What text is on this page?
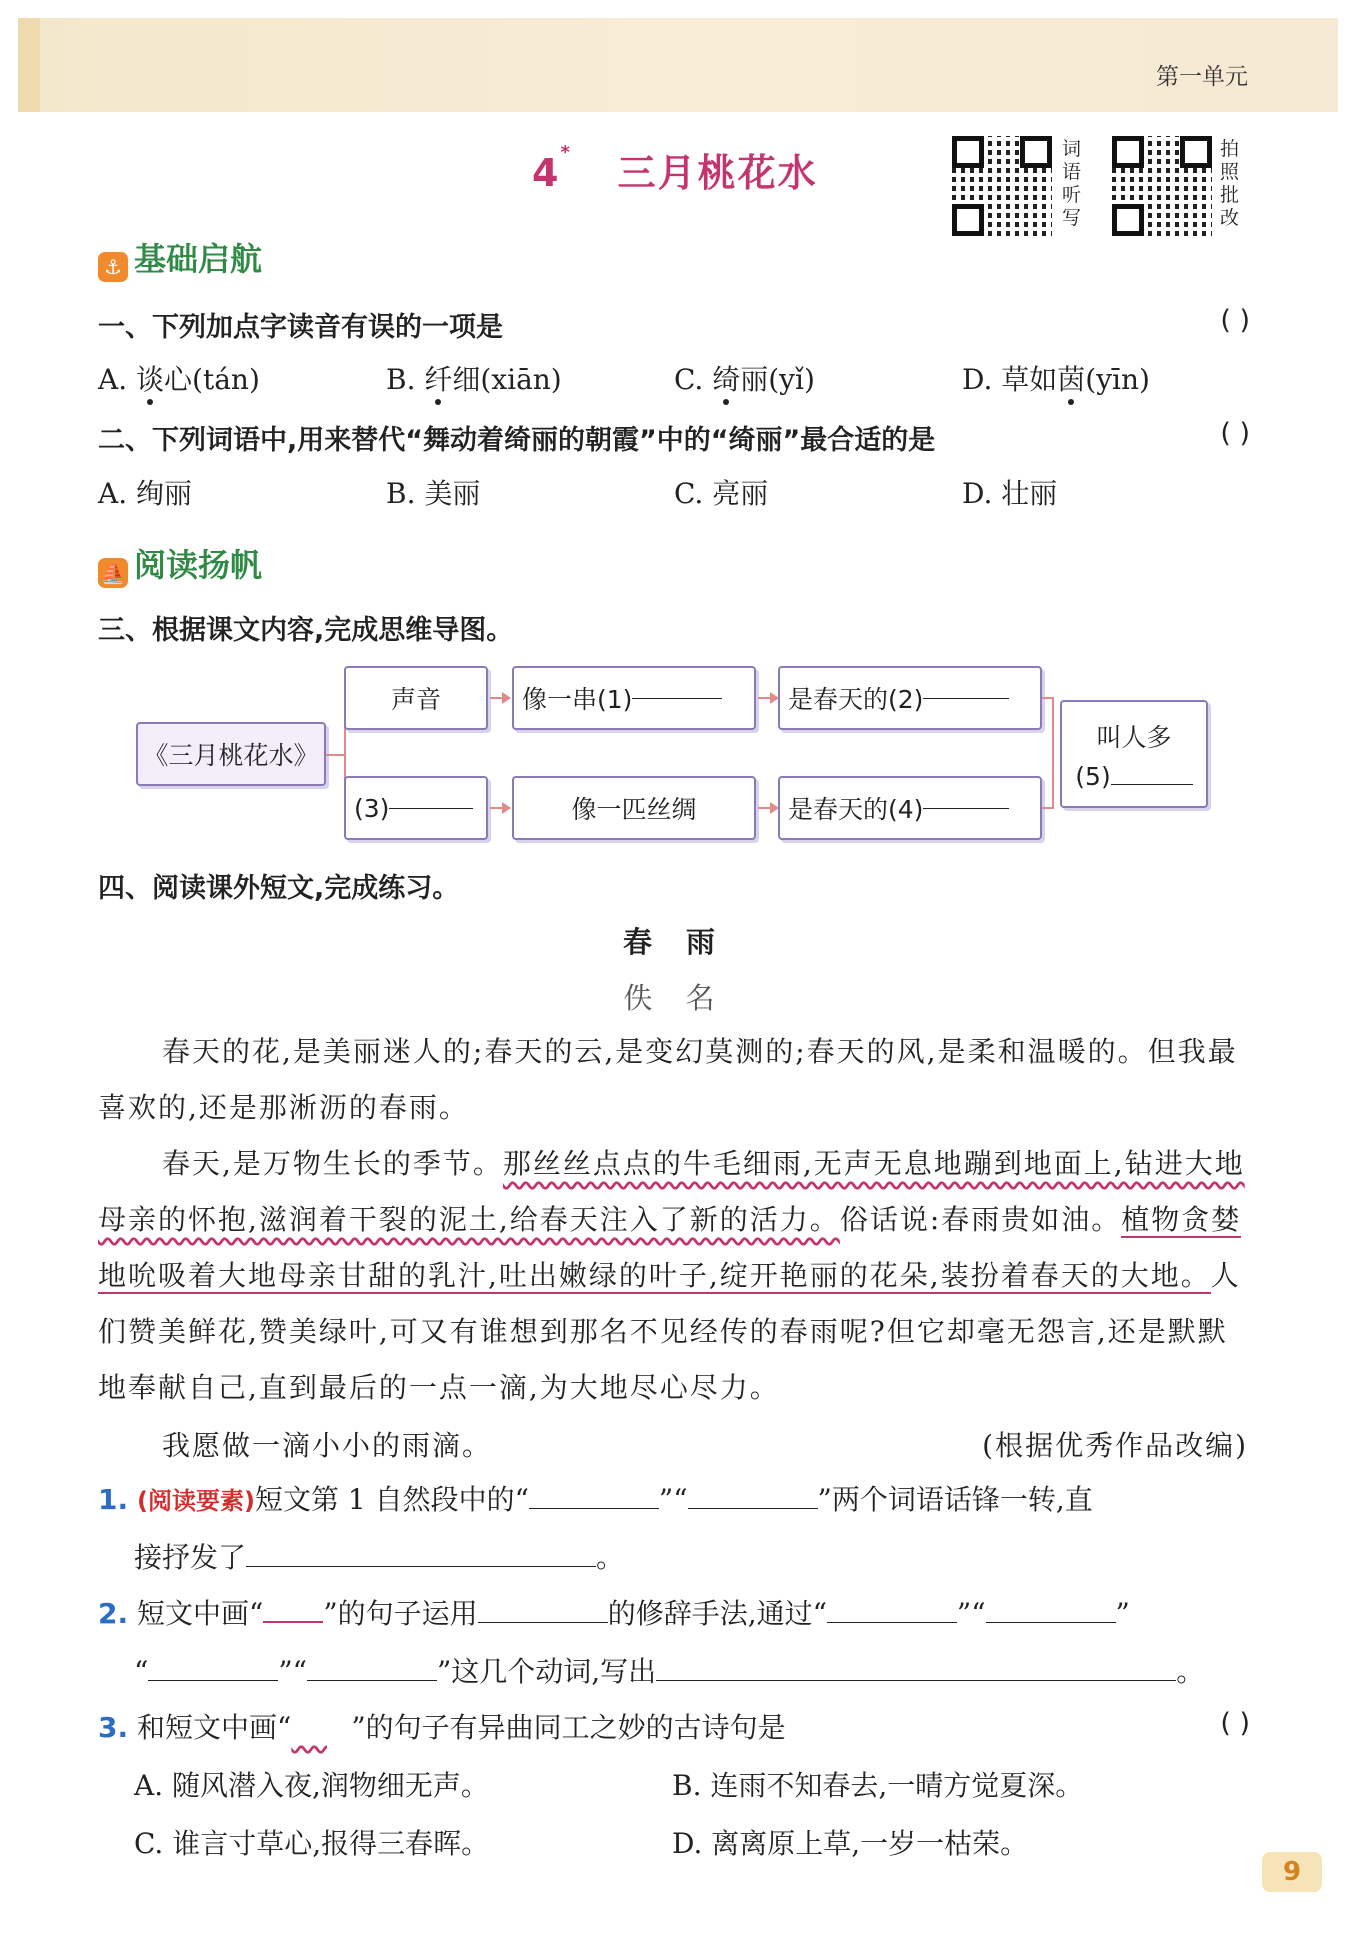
第一单元
4* 三月桃花水
词语听写
拍照批改
⚓ 基础启航
一、下列加点字读音有误的一项是	( )
A. 谈心(tán)	B. 纤细(xiān)	C. 绮丽(yǐ)	D. 草如茵(yīn)
二、下列词语中,用来替代“舞动着绮丽的朝霞”中的“绮丽”最合适的是	( )
A. 绚丽	B. 美丽	C. 亮丽	D. 壮丽
⛵ 阅读扬帆
三、根据课文内容,完成思维导图。
《三月桃花水》
声音	像一串(1)	是春天的(2)
(3)	像一匹丝绸	是春天的(4)
叫人多
(5)
四、阅读课外短文,完成练习。
春 雨
佚 名
春天的花,是美丽迷人的;春天的云,是变幻莫测的;春天的风,是柔和温暖的。但我最喜欢的,还是那淅沥的春雨。
春天,是万物生长的季节。那丝丝点点的牛毛细雨,无声无息地蹦到地面上,钻进大地母亲的怀抱,滋润着干裂的泥土,给春天注入了新的活力。俗话说:春雨贵如油。植物贪婪地吮吸着大地母亲甘甜的乳汁,吐出嫩绿的叶子,绽开艳丽的花朵,装扮着春天的大地。人们赞美鲜花,赞美绿叶,可又有谁想到那名不见经传的春雨呢?但它却毫无怨言,还是默默地奉献自己,直到最后的一点一滴,为大地尽心尽力。
我愿做一滴小小的雨滴。	(根据优秀作品改编)
1. (阅读要素)短文第 1 自然段中的“	”“	”两个词语话锋一转,直
接抒发了	。
2. 短文中画“ ”的句子运用	的修辞手法,通过“	”“	”
“	”“	”这几个动词,写出	。
3. 和短文中画“ ”的句子有异曲同工之妙的古诗句是	( )
A. 随风潜入夜,润物细无声。	B. 连雨不知春去,一晴方觉夏深。
C. 谁言寸草心,报得三春晖。	D. 离离原上草,一岁一枯荣。
9
